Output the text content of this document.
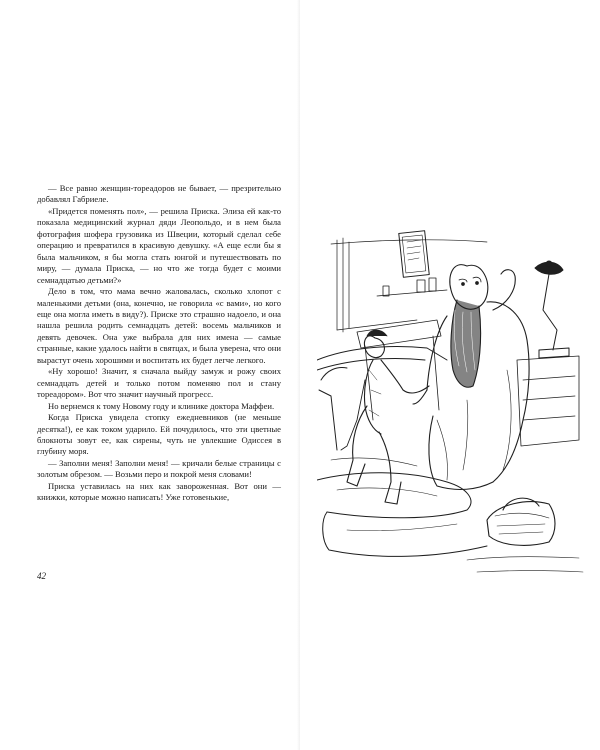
— Все равно женщин-тореадоров не бывает, — презрительно добавлял Габриеле.

«Придется поменять пол», — решила Приска. Элиза ей как-то показала медицинский журнал дяди Леопольдо, и в нем была фотография шофера грузовика из Швеции, который сделал себе операцию и превратился в красивую девушку. «А еще если бы я была мальчиком, я бы могла стать юнгой и путешествовать по миру, — думала Приска, — но что же тогда будет с моими семнадцатью детьми?»

Дело в том, что мама вечно жаловалась, сколько хлопот с маленькими детьми (она, конечно, не говорила «с вами», но кого еще она могла иметь в виду?). Приске это страшно надоело, и она нашла решила родить семнадцать детей: восемь мальчиков и девять девочек. Она уже выбрала для них имена — самые странные, какие удалось найти в святцах, и была уверена, что они вырастут очень хорошими и воспитать их будет легче легкого.

«Ну хорошо! Значит, я сначала выйду замуж и рожу своих семнадцать детей и только потом поменяю пол и стану тореадором». Вот что значит научный прогресс.

Но вернемся к тому Новому году и клинике доктора Маффеи.

Когда Приска увидела стопку ежедневников (не меньше десятка!), ее как током ударило. Ей почудилось, что эти цветные блокноты зовут ее, как сирены, чуть не увлекшие Одиссея в глубину моря.

— Заполни меня! Заполни меня! — кричали белые страницы с золотым обрезом. — Возьми перо и покрой меня словами!

Приска уставилась на них как завороженная. Вот они — книжки, которые можно написать! Уже готовенькие,

42
